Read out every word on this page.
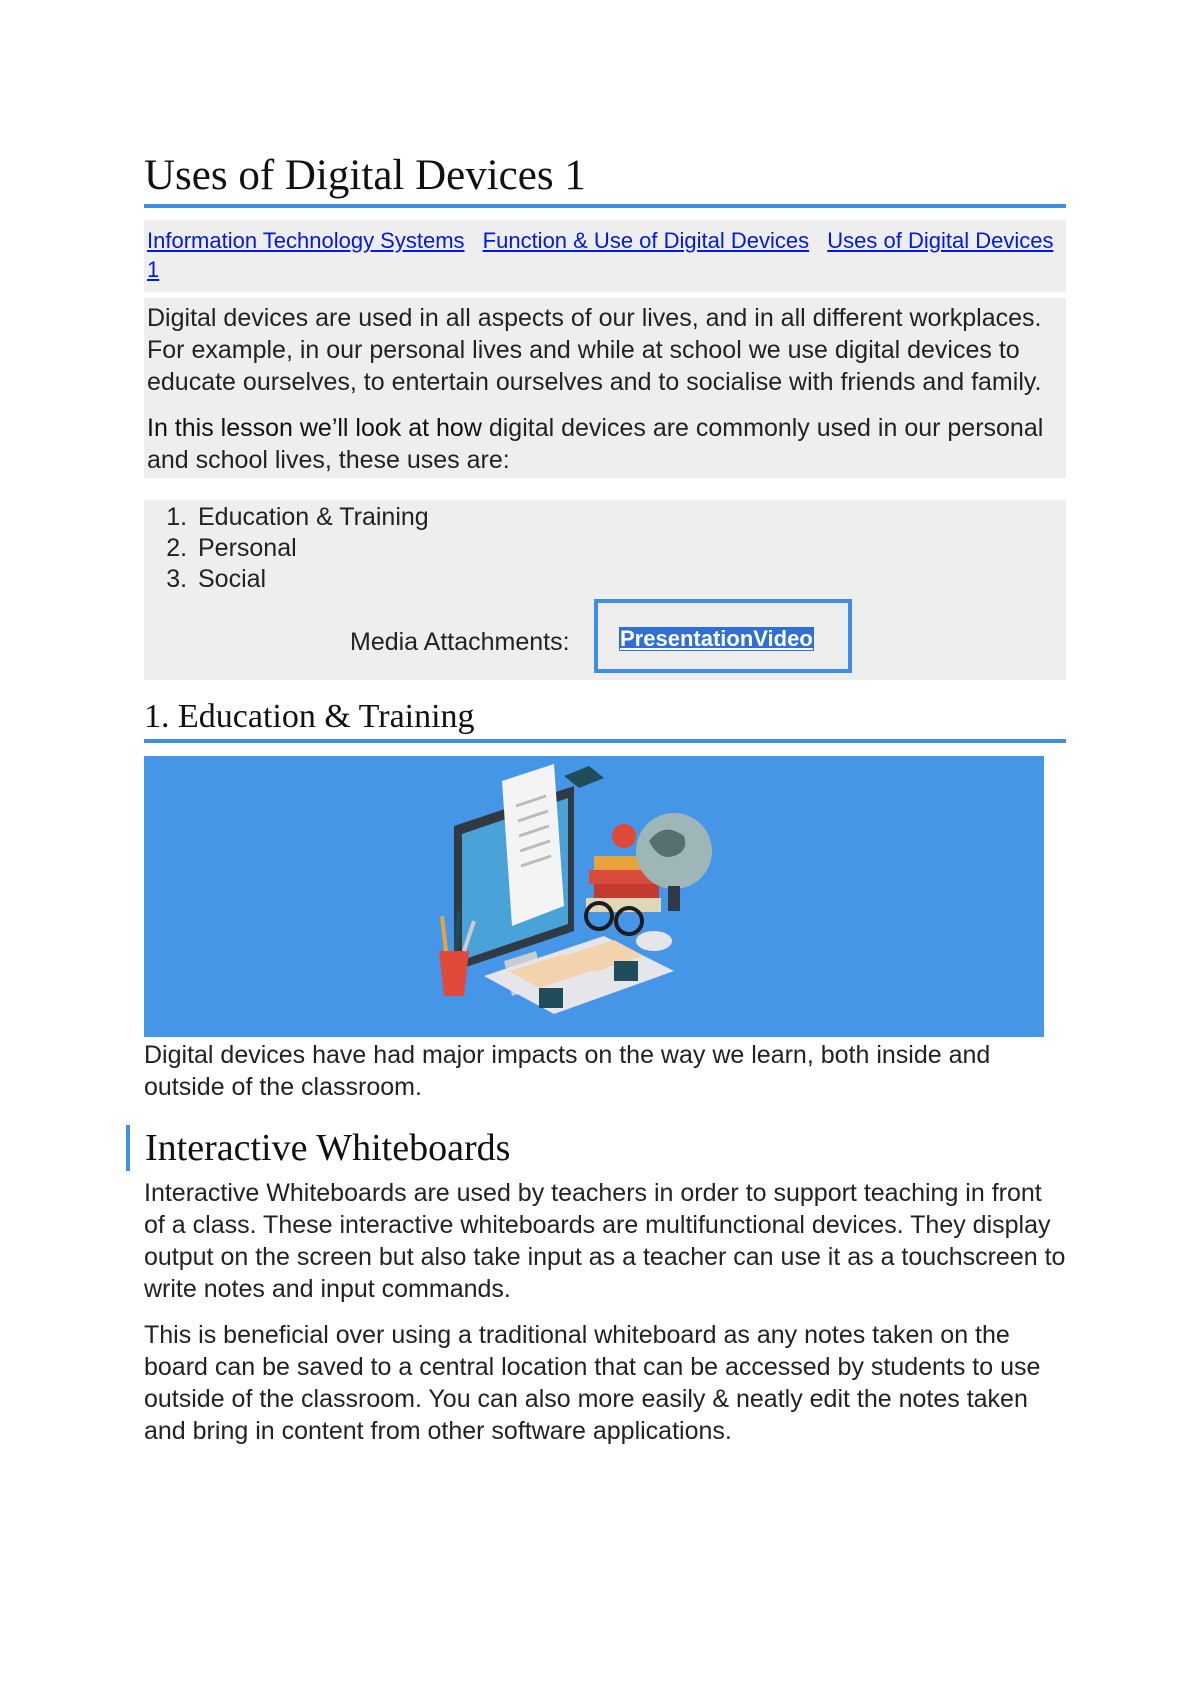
Uses of Digital Devices 1
Information Technology Systems Function & Use of Digital Devices Uses of Digital Devices 1

Digital devices are used in all aspects of our lives, and in all different workplaces. For example, in our personal lives and while at school we use digital devices to educate ourselves, to entertain ourselves and to socialise with friends and family.

In this lesson we’ll look at how digital devices are commonly used in our personal and school lives, these uses are:

1. Education & Training
2. Personal
3. Social
Media Attachments: PresentationVideo
1. Education & Training

Digital devices have had major impacts on the way we learn, both inside and outside of the classroom.

Interactive Whiteboards

Interactive Whiteboards are used by teachers in order to support teaching in front of a class. These interactive whiteboards are multifunctional devices. They display output on the screen but also take input as a teacher can use it as a touchscreen to write notes and input commands.

This is beneficial over using a traditional whiteboard as any notes taken on the board can be saved to a central location that can be accessed by students to use outside of the classroom. You can also more easily & neatly edit the notes taken and bring in content from other software applications.
